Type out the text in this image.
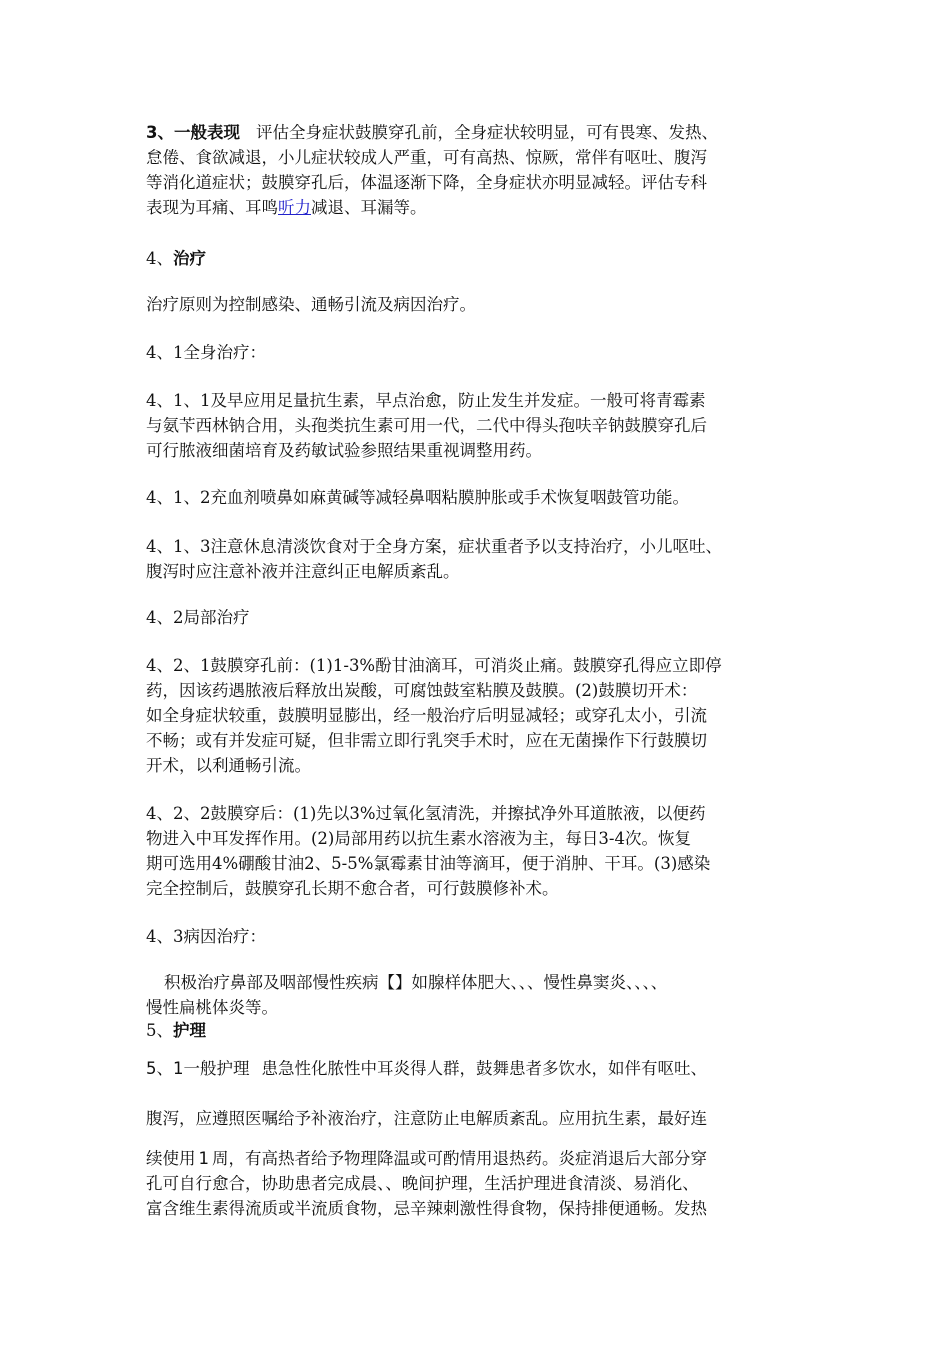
3、一般表现 评估全身症状鼓膜穿孔前，全身症状较明显，可有畏寒、发热、
怠倦、食欲减退，小儿症状较成人严重，可有高热、惊厥，常伴有呕吐、腹泻
等消化道症状；鼓膜穿孔后，体温逐渐下降，全身症状亦明显减轻。评估专科
表现为耳痛、耳鸣听力减退、耳漏等。
4、治疗
治疗原则为控制感染、通畅引流及病因治疗。
4、1全身治疗：
4、1、1及早应用足量抗生素，早点治愈，防止发生并发症。一般可将青霉素
与氨苄西林钠合用，头孢类抗生素可用一代，二代中得头孢呋辛钠鼓膜穿孔后
可行脓液细菌培育及药敏试验参照结果重视调整用药。
4、1、2充血剂喷鼻如麻黄碱等减轻鼻咽粘膜肿胀或手术恢复咽鼓管功能。
4、1、3注意休息清淡饮食对于全身方案，症状重者予以支持治疗，小儿呕吐、
腹泻时应注意补液并注意纠正电解质紊乱。
4、2局部治疗
4、2、1鼓膜穿孔前：(1)1-3%酚甘油滴耳，可消炎止痛。鼓膜穿孔得应立即停
药，因该药遇脓液后释放出炭酸，可腐蚀鼓室粘膜及鼓膜。(2)鼓膜切开术：
如全身症状较重，鼓膜明显膨出，经一般治疗后明显减轻；或穿孔太小，引流
不畅；或有并发症可疑，但非需立即行乳突手术时，应在无菌操作下行鼓膜切
开术，以利通畅引流。
4、2、2鼓膜穿后：(1)先以3%过氧化氢清洗，并擦拭净外耳道脓液，以便药
物进入中耳发挥作用。(2)局部用药以抗生素水溶液为主，每日3-4次。恢复
期可选用4%硼酸甘油2、5-5%氯霉素甘油等滴耳，便于消肿、干耳。(3)感染
完全控制后，鼓膜穿孔长期不愈合者，可行鼓膜修补术。
4、3病因治疗：
积极治疗鼻部及咽部慢性疾病【】如腺样体肥大、、、慢性鼻窦炎、、、、
慢性扁桃体炎等。
5、护理
5、1一般护理 患急性化脓性中耳炎得人群，鼓舞患者多饮水，如伴有呕吐、
腹泻，应遵照医嘱给予补液治疗，注意防止电解质紊乱。应用抗生素，最好连
续使用 1 周，有高热者给予物理降温或可酌情用退热药。炎症消退后大部分穿
孔可自行愈合，协助患者完成晨、、晚间护理，生活护理进食清淡、易消化、
富含维生素得流质或半流质食物，忌辛辣刺激性得食物，保持排便通畅。发热
